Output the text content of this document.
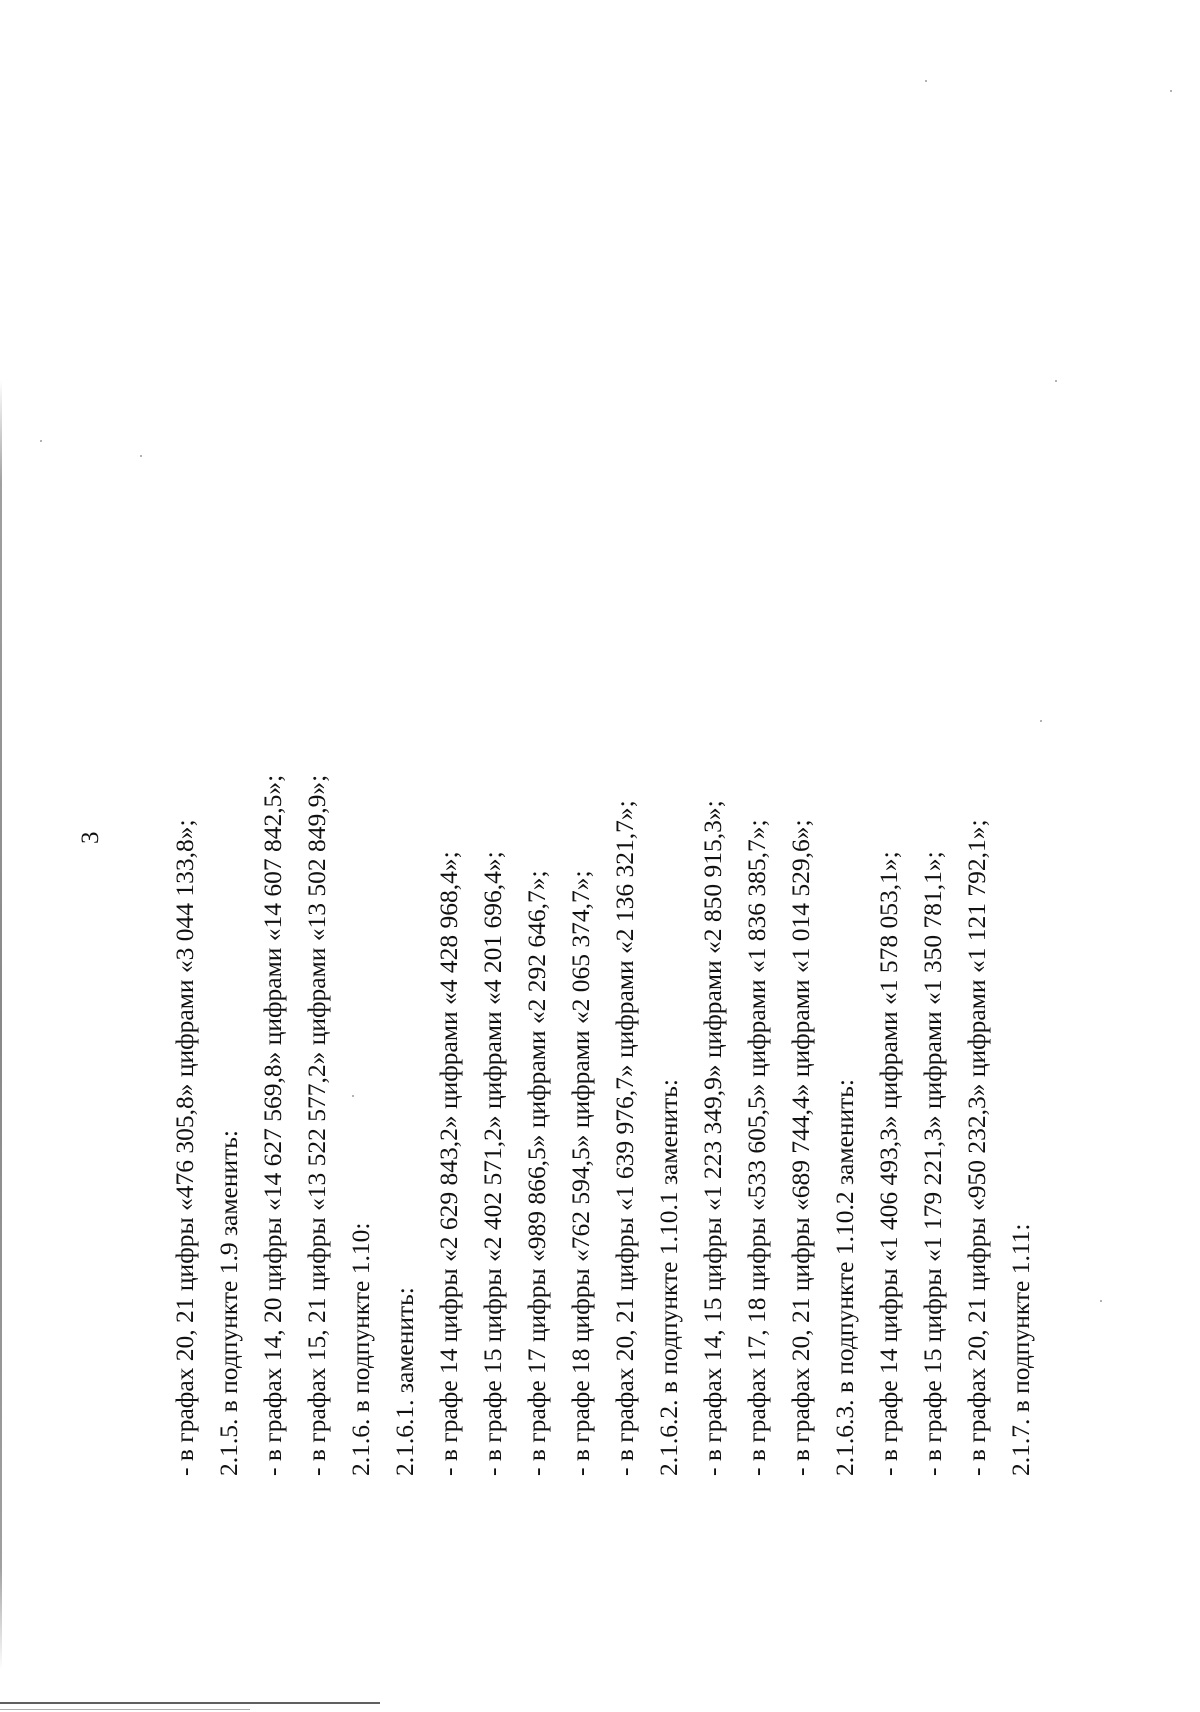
3	- в графах 20, 21 цифры «476 305,8» цифрами «3 044 133,8»; 2.1.5. в подпункте 1.9 заменить: - в графах 14, 20 цифры «14 627 569,8» цифрами «14 607 842,5»; - в графах 15, 21 цифры «13 522 577,2» цифрами «13 502 849,9»; 2.1.6. в подпункте 1.10: 2.1.6.1. заменить: - в графе 14 цифры «2 629 843,2» цифрами «4 428 968,4»; - в графе 15 цифры «2 402 571,2» цифрами «4 201 696,4»; - в графе 17 цифры «989 866,5» цифрами «2 292 646,7»; - в графе 18 цифры «762 594,5» цифрами «2 065 374,7»; - в графах 20, 21 цифры «1 639 976,7» цифрами «2 136 321,7»; 2.1.6.2. в подпункте 1.10.1 заменить: - в графах 14, 15 цифры «1 223 349,9» цифрами «2 850 915,3»; - в графах 17, 18 цифры «533 605,5» цифрами «1 836 385,7»; - в графах 20, 21 цифры «689 744,4» цифрами «1 014 529,6»; 2.1.6.3. в подпункте 1.10.2 заменить: - в графе 14 цифры «1 406 493,3» цифрами «1 578 053,1»; - в графе 15 цифры «1 179 221,3» цифрами «1 350 781,1»; - в графах 20, 21 цифры «950 232,3» цифрами «1 121 792,1»; 2.1.7. в подпункте 1.11:
